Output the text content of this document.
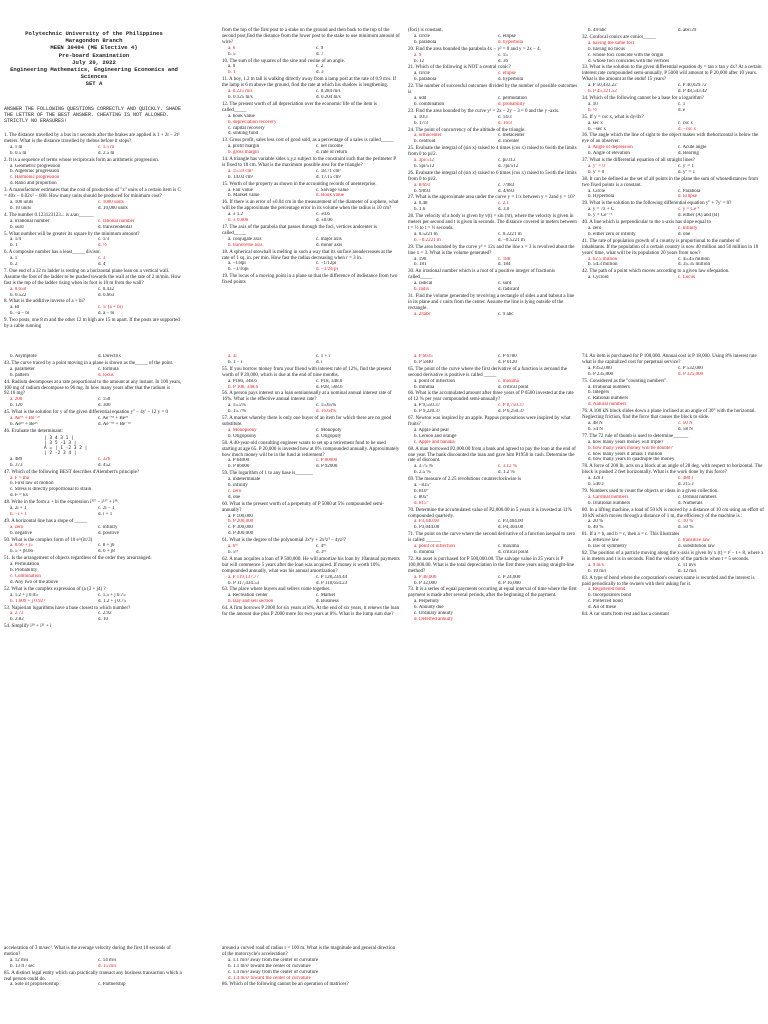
Polytechnic University of the Philippines
Maragondon Branch
MEEN 30404 (ME Elective 4)
Pre-board Examination
July 20, 2022
Engineering Mathematics, Engineering Economics and Sciences
SET A
ANSWER THE FOLLOWING QUESTIONS CORRECTLY AND QUICKLY. SHADE THE LETTER OF THE BEST ANSWER. CHEATING IS NOT ALLOWED. STRICTLY NO ERASURES!
1. The distance travelled by a bus in t seconds after the brakes are applied is 1 + 2t − 2t² meters. What is the distance travelled by thebus before it stops?
a. 1 m	c. 1.5 m
b. 0.5 m	d. 2.5 m
2. It is a sequence of terms whose reciprocals form an arithmetic progression.
a. Geometric progression
b. Algebraic progression
c. Harmonic progression
d. Ratio and proportion
3. A manufacturer estimates that the cost of production of "x" units of a certain item is C = 40x − 0.02x² − 600. How many units should be produced for minimum cost?
a. 100 units	c. 1000 units
b. 10 units	d. 10,000 units
4. The number 0.123123123... is a/an______
a. irrational number	c. rational number
b. surd	d. transcendental
5. What number will be greater its square by the minimum amount?
a. 1/4	c. 1/3
b. 1	d. ½
6. A composite number has a least_____ divisor.
a. 1	c. 3
b. 2	d. 4
7. One end of a 32 m ladder is resting on a horizontal plane lean on a vertical wall. Assume the foot of the ladder to be pushed towards the wall at the rate of 2 m/min. How fast is the top of the ladder rising when its foot is 10 m from the wall?
a. 0.658	c. 0.432
b. 0.522	d. 0.663
8. What is the additive inverse of a + bi?
a. Bi	c. 1/ (a + bi)
b. −a − bi	d. a − bi
9. Two posts, one 8 m and the other 12 m high are 15 m apart. If the posts are supported by a cable running
from the top of the first post to a stake on the ground and then back to the top of the second post,find the distance from the lower post to the stake to use minimum amount of wire?
a. 6	c. 9
b. 5	d. 7
10. The sum of the squares of the sine and cosine of an angle.
a. 0	c. 2
b. 1	d. 3
11. A boy, 1.2 m tall is walking directly away from a lamp post at the rate of 0.9 m/s. If the lamp is 6 m above the ground, find the rate at which his shadow is lengthening.
a. 0.225 m/s	c. 0.284 m/s
b. 0.125 m/s	d. 0.204 m/s
12. The present worth of all depreciation over the economic life of the item is called_____
a. book value
b. depreciation recovery
c. capital recovery
d. sinking fund
13. Gross profit, sales less cost of good sold, as a percentage of a sales is called_____
a. profit margin	c. net income
b. gross margin	d. rate of return
14. A triangle has variable sides x,y,z subject to the constraint such that the perimeter P is fixed to 18 cm. What is the maximum possible area for the triangle?
a. 15.59 cm²	c. 18.71 cm²
b. 14.03 cm²	d. 17.15 cm²
15. Worth of the property as shown in the accounting records of anenterprise.
a. Fair value	c. Salvage value
b. Market value	d. Book value
16. If there is an error of ±0.04 cm in the measurement of the diameter of a sphere, what will be the approximate the percentage error in its volume when the radius is 10 cm?
a. ± 1.2	c. ±0.6
b. ± 0.006	d. ±0.06
17. The axis of the parabola that passes through the foci, vertices andcenter is called_____
a. conjugate axis	c. major axis
b. transverse axis	d. minor axis
18. A spherical snowball is melting in such a way that its surface areadecreases at the rate of 1 sq. in. per min. How fast the radius decreasing when r = 3 in.
a. −1/8pi	c. −1/12pi
b. −1/16pi	d. −1/24 pi
19. The locus of a moving point in a plane so that the difference of itsdistance from two fixed points
(foci) is constant.
a. circle	c. ellipse
b. parabola	d. hyperbola
20. Find the area bounded the parabola 4x − y² = 0 and y = 2x − 4.
a. 9	c. 15
b. 12	d. 36
21. Which of the following is NOT a central conic?
a. circle	c. ellipse
b. parabola	d. hyperbola
22. The number of successful outcomes divided by the number of possible outcomes is
a. odd	c. permutation
b. combination	d. probability
23. Find the area bounded by the curve y² = 2x − 2y − 3 = 0 and the y -axis.
a. 10/3	c. 14/3
b. 17/3	d. 16/3
24. The point of concurrency of the altitude of the triangle.
a. orthocenter	c. metacenter
b. centroid	d. incenter
25. Evaluate the integral of (sin x) raised to 4 times (cos x) raised to 6with the limits from 0 to pi/2.
a. 3pi/512	c. pi/312
b. 5pi/512	d. 7pi/512
26. Evaluate the integral of (sin x) raised to 6 times (cos x) raised to 5with the limits from 0 to pi/2.
a. 8/693	c. 7/983
b. 9/893	d. 4/693
27. What is the approximate area under the curve y = 1/x between y = 2and y = 10?
a. 0.48	c. 2.1
b. 1.6	d. 3.0
28. The velocity of a body is given by v(t) = sin (πt), where the velocity is given in meters per second and t is given in seconds. The distance covered in meters between t = ½ to t = ½ seconds.
a. 0.5221 m	c. 0.2221 m
b. −0.2221 m	d. −0.5221 m
29. The area bounded by the curve y² = 12x and the line x = 3 is revolved about the line x = 3. What is the volume generated?
a. 190	c. 188
b. 181	d. 184
30. An irrational number which is a root of a positive integer of fractionis called_____
a. radical	c. surd
b. radix	d. radicant
31. Find the volume generated by revolving a rectangle of sides a and babout a line in its plane and c units from the center. Assume the line is lying outside of the rectangle.
a. 2πabc	c. π abc
b. 4π²abc	d. abc/2π
32. Confocal conics are conics_____
a. having the same foci
b. having no focus
c. whose foci coincide with the origin
d. whose foci coincides with the vertices
33. What is the solution to the given differential equation dy = tan x tan y dx? At a certain interest rate compounded semi-annually, P 5000 will amount to P 20,000 after 10 years. What is the amount at the endof 15 years?
a. P 50,432.22	c. P 40,029.72
b. P 45,321.52	d. P 48,543.42
34. Which of the following cannot be a base for a logarithm?
a. 10	c. 1
b. ½	d. e
35. If y = csc x, what is dy/dx?
a. sec x	c. csc x
b. −sec x	d. −csc x
36. The angle which the line of sight to the object makes with thehorizontal is below the eye of an observer.
a. Angle of depression	c. Acute angle
b. Angle of elevation	d. Bearing
37. What is the differential equation of all straight lines?
a. y'' = 0	c. y' = 1
b. y' = 0	d. y'' = 1
38. It can be defined as the set of all points in the plane the sum of whosedistances from two fixed points is a constant.
a. Circle	c. Parabola
b. Hyperbola	d. Ellipse
39. What is the solution to the following differential equation y'' + 7y' = 0?
a. y = 7x + C	c. y = Ce⁷ˣ
b. y = Ce⁻⁷ˣ	d. either (A) and (B)
40. A line which is perpendicular to the x-axis has slope equal to
a. zero	c. infinity
b. either zero or infinity	d. one
41. The rate of population growth of a country is proportional to the number of inhabitants. If the population of a certain country is now 40 million and 50 million in 10 years' time, what will be its population 20 years from now?
a. 62.5 million	c. 45.45 million
b. 54.3 million	d. 35.35 million
42. The path of a point which moves according to a given law ofequation.
a. Cycloid	c. Locus
b. Asymptote	d. Directrix
43. The curve traced by a point moving in a plane is shown as the_____ of the point.
a. parameter	c. formula
b. pattern	d. locus
44. Radium decomposes at a rate proportional to the amount at any instant. In 100 years, 100 mg of radium decompose to 96 mg. In how many years after that the radium is 92.16 mg?
a. 200	c. 150
b. 120	d. 300
45. What is the solution for y of the given differential equation y'' − 4y' − 12 y = 0
a. Ae⁶ˣ + Be⁻²ˣ	c. Ae⁻⁶ˣ + Be²ˣ
b. Ae⁶ˣ + Be²ˣ	d. Ae⁻⁶ˣ + Be⁻²ˣ
46. Evaluate the determinant:
| 3 4 3 1 |
| 3 5 -1 3 |
A = | 1 -2 3 2 |
| 2 -2 3 4 |
a. 489	c. 326
b. 373	d. 452
47. Which of the following BEST describes d'Alembert's principle?
a. F = ma
b. First law of motion
c. Stress is directly proportional to strain
d. F = kx
48. Write in the form a + bi the expression i³³⁷ − i¹²⁷ + i³⁸.
a. 2i + 1	c. 2i − 1
b. −i + 1	d. i + 1
49. A horizontal line has a slope of _____
a. zero	c. infinity
b. negative	d. positive
50. What is the complex form of 10 e^(iπ/3)
a. 8.66 + j5	c. 8 + j6
b. 5 + j8.66	d. 6 + j8
51. Is the arrangement of objects regardless of the order they arearranged.
a. Permutation
b. Probability
c. Combination
d. Any two of the above
52. What is the complex expression of (a (3 + j4) ?
a. 1.2 + j 0.05	c. 1.5 + j 0.75
b. 1.609 + j 0.927	d. 1.2 + j 0.75
53. Napierian logarithms have a base closest to which number?
a. 2.72	c. 2.92
b. 2.82	d. 10
54. Simplify i²⁹ + i²¹ + i
a. 3i	c. 1 + i
b. 1 − i	d. i
55. If you borrow money from your friend with interest rate of 12%, find the present worth of P 20,000, which is due at the end of nine months.
a. P180, 348.6	c. P18, 348.6
b. P 108, 348.6	d. P28, 568.6
56. A person pays interest on a loan semiannually at a nominal annual interest rate of 16%. What is the effective annual interest rate?
a. 15.5%	c. 15.65%
b. 15.7%	d. 16.64%
57. A market whereby there is only one buyer of an item for which there are no good substitute.
a. Monopsony	c. Monopoly
b. Oligopsony	d. Oligopoly
58. A 40-year-old consulting engineer wants to set up a retirement fund to be used starting at age 65. P 20,000 is invested now at 6% compounded annually. Approximately how much money will be in the fund at retirement?
a. P 84000	c. P 80000
b. P 86000	d. P 92000
59. The logarithm of 1 to any base is_______
a. indeterminate
b. infinity
c. zero
d. one
60. What is the present worth of a perpetuity of P 5000 at 5% compounded semi-annually?
a. P 100,000
b. P 200,000
c. P 300,000
d. P 400,000
61. What is the degree of the polynomial 3x⁴y + 2x³z³ − 4yz²?
a. 6ᵗʰ	c. 4ᵗʰ
b. 5ᵗʰ	d. 3ʳᵈ
62. A man acquires a loan of P 500,000. He will amortize his loan by 10annual payments but will commence 5 years after the loan was acquired. If money is worth 10% compounded annually, what was his annual amortization?
a. P 119,137.77	c. P 128,234.44
b. P 117,434.53	d. P 118,654.23
63. The place where buyers and sellers come together.
a. Recreation center	c. Market
b. Bay and sell section	d. Business
64. A firm borrows P 2000 for six years at 8%. At the end of six years, it renews the loan for the amount due plus P 2000 more for two years at 8%. What is the lump sum due?
a. P 6035	c. P 6780
b. P 5840	d. P 6120
65. The point of the curve where the first derivative of a function is zeroand the second derivative is positive is called _____
a. point of inflection	c. maxima
b. minima	d. critical point
66. What is the accumulated amount after three years of P 6500 invested at the rate of 12 % per year compounded semi-annually?
a. P 9,550.37	c. P 8,750.37
b. P 9,220.37	d. P 6,250.37
67. Newton was inspired by an apple. Pappus propositions were inspired by what fruits?
a. Apple and pear
b. Lemon and orange
c. Apple and banana
68. A man borrowed P2,000.00 from a bank and agreed to pay the loan at the end of one year. The bank discounted the loan and gave him P1950 in cash. Determine the rate of discount.
a. 3.75 %	c. 3.12 %
b. 2.5 %	d. 1.2 %
69. The measure of 2.25 revolutions counterclockwise is
a. −835°
b. 810°
c. 805°
d. 815°
70. Determine the accumulated value of P2,000.00 in 5 years it is invested at 11% compounded quarterly.
a. P3,440.00	c. P3,404.00
b. P3,044.00	d. P4,304.00
71. The point on the curve where the second derivative of a function isequal to zero is called ______
a. point of inflection	c. maxima
b. minima	d. critical point
72. An asset is purchased for P 500,000.00. The salvage value in 25 years is P 100,000.00. What is the total depreciation in the first three years using straight-line method?
a. P 48,000	c. P 24,000
b. P 32,000	d. P 16,000
73. It is a series of equal payments occurring at equal interval of time where the first payment is made after several periods, after the beginning of the payment.
a. Perpetuity
b. Annuity due
c. Ordinary annuity
d. Deferred annuity
74. An item is purchased for P 100,000. Annual cost is P 18,000. Using 8% interest rate what is the capitalized cost for perpetual service?
a. P352,000	c. P 532,000
b. P 235,000	d. P 325,000
75. Considered as the "counting numbers".
a. Irrational numbers
b. Integers
c. Rational numbers
d. Natural numbers
76. A 100 kN block slides down a plane inclined at an angle of 30° with the horizontal. Neglecting friction, find the force that causes the block to slide.
a. 48 N	c. 50 N
b. 54 N	d. 58 N
77. The 72 rule of thumb is used to determine______
a. how many years money will triple?
b. how many years money will be double?
c. how many years it amass 1 million
d. how many years to quadruple the money
78. A force of 200 lb, acts on a block at an angle of 28 deg. with respect to horizontal. The block is pushed 2 feet horizontally. What is the work done by this force?
a. 320 J	c. 480 J
b. 540 J	d. 215 J
79. Numbers used to count the objects or ideas in a given collection.
a. Cardinal numbers	c. Ordinal numbers
b. Irrational numbers	d. Numerals
80. In a lifting machine, a load of 50 kN is moved by a distance of 10 cm using an effort of 10 kN which moves through a distance of 1 m, the efficiency of the machine is :
a. 20 %	c. 10 %
b. 40 %	d. 50 %
81. If a = b, and b = c, then a = c. This illustrates
a. reflexive law	c. transitive law
b. law of symmetry	d. substitution law
82. The position of a particle moving along the x-axis is given by x (t) = t² − t + 8, where x is in meters and t is in seconds. Find the velocity of the particle when t = 5 seconds.
a. 9 m/s	c. 11 m/s
b. 10 m/s	d. 12 m/s
83. A type of bond where the corporation's owners name is recorded and the interest is paid periodically to the owners with their asking for it.
a. Registered bond
b. Incorporators bond
c. Preferred bond
d. All of these
84. A car starts from rest and has a constant
acceleration of 3 m/sec². What is the average velocity during the first 10 seconds of motion?
a. 12 m/s	c. 14 m/s
b. 13 ft / sec	d. 15 m/s
85. A distinct legal entity which can practically transact any business transaction which a real person could do.
a. Sole of proprietorship	c. Partnership
around a curved road of radius r = 100 m. What is the magnitude and general direction of the motorcycle's acceleration?
a. 1.1 m/s² away from the center of curvature
b. 1.1 m/s² toward the center of curvature
c. 1.4 m/s² away from the center of curvature
d. 1.4 m/s² toward the center of curvature
86. Which of the following cannot be an operation of matrices?
